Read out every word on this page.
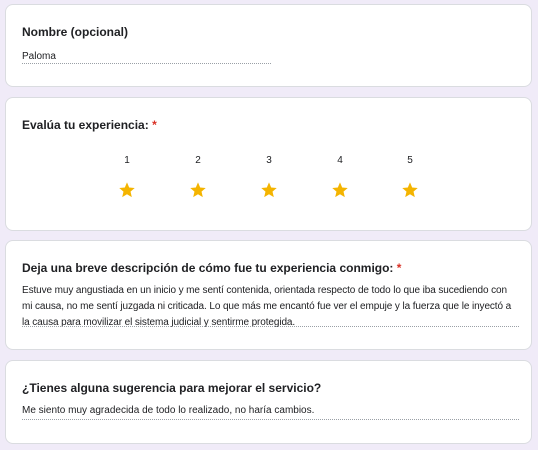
Nombre (opcional)
Paloma
Evalúa tu experiencia: *
1	2	3	4	5
Deja una breve descripción de cómo fue tu experiencia conmigo: *
Estuve muy angustiada en un inicio y me sentí contenida, orientada respecto de todo lo que iba sucediendo con
mi causa, no me sentí juzgada ni criticada. Lo que más me encantó fue ver el empuje y la fuerza que le inyectó a
la causa para movilizar el sistema judicial y sentirme protegida.
¿Tienes alguna sugerencia para mejorar el servicio?
Me siento muy agradecida de todo lo realizado, no haría cambios.
